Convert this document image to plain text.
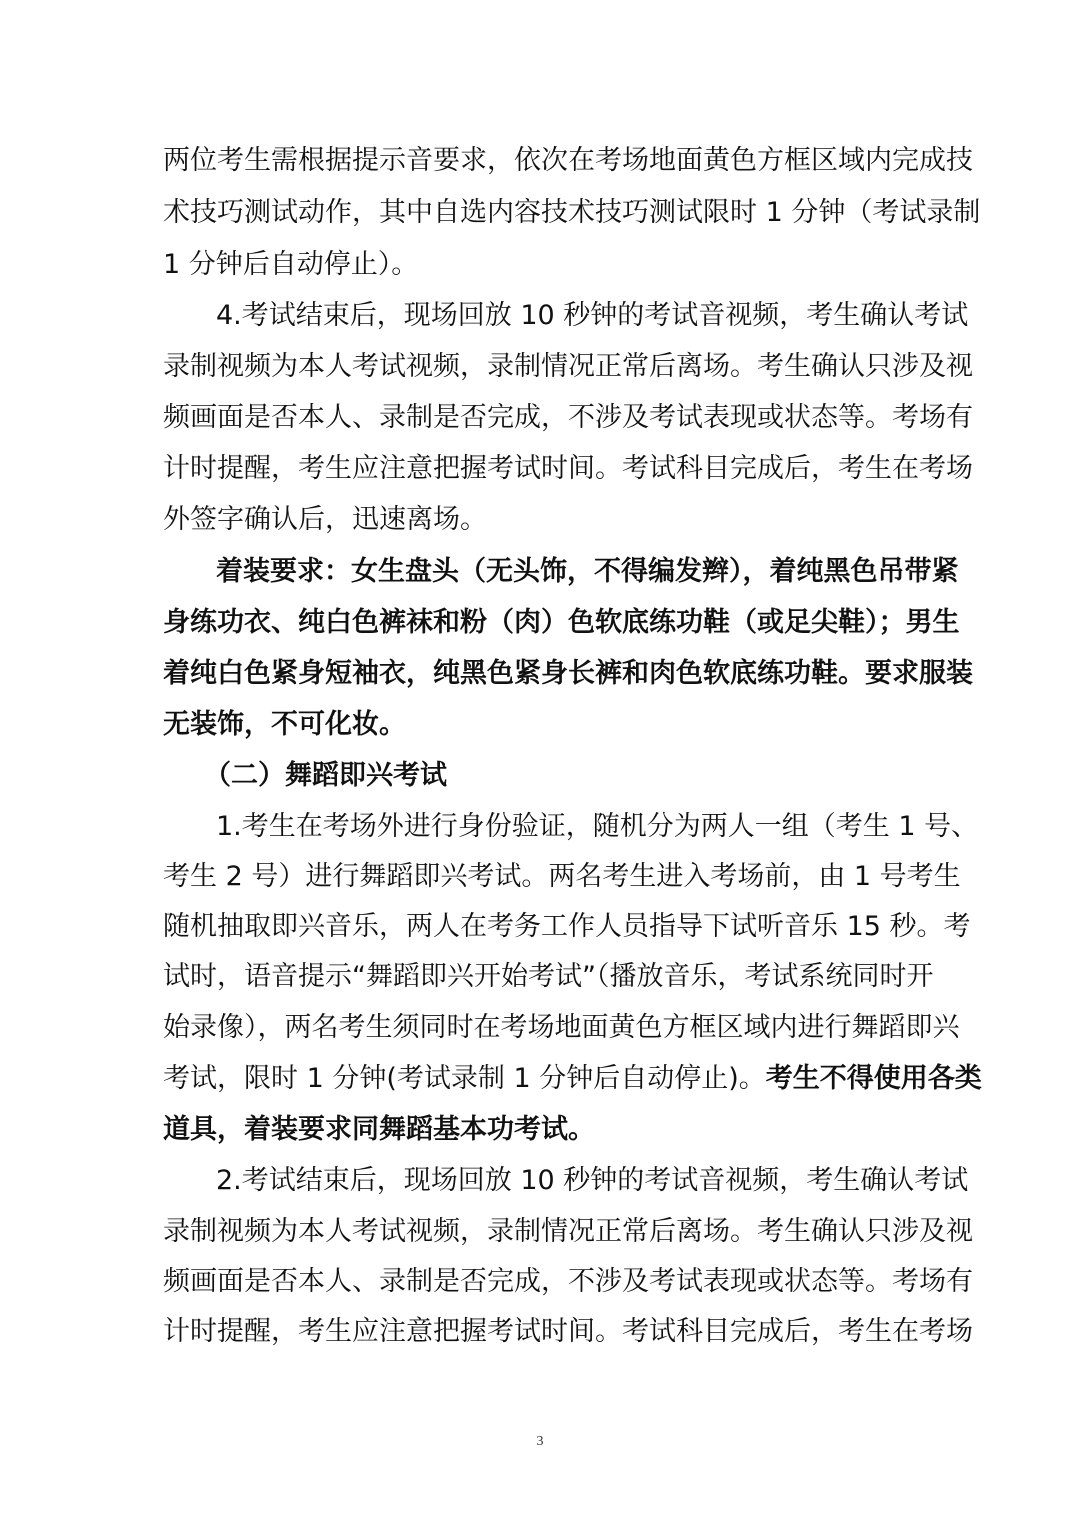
两位考生需根据提示音要求，依次在考场地面黄色方框区域内完成技
术技巧测试动作，其中自选内容技术技巧测试限时 1 分钟（考试录制
1 分钟后自动停止）。
4.考试结束后，现场回放 10 秒钟的考试音视频，考生确认考试
录制视频为本人考试视频，录制情况正常后离场。考生确认只涉及视
频画面是否本人、录制是否完成，不涉及考试表现或状态等。考场有
计时提醒，考生应注意把握考试时间。考试科目完成后，考生在考场
外签字确认后，迅速离场。
着装要求：女生盘头（无头饰，不得编发辫），着纯黑色吊带紧
身练功衣、纯白色裤袜和粉（肉）色软底练功鞋（或足尖鞋）；男生
着纯白色紧身短袖衣，纯黑色紧身长裤和肉色软底练功鞋。要求服装
无装饰，不可化妆。
（二）舞蹈即兴考试
1.考生在考场外进行身份验证，随机分为两人一组（考生 1 号、
考生 2 号）进行舞蹈即兴考试。两名考生进入考场前，由 1 号考生
随机抽取即兴音乐，两人在考务工作人员指导下试听音乐 15 秒。考
试时，语音提示“舞蹈即兴开始考试”（播放音乐，考试系统同时开
始录像），两名考生须同时在考场地面黄色方框区域内进行舞蹈即兴
考试，限时 1 分钟(考试录制 1 分钟后自动停止)。考生不得使用各类
道具，着装要求同舞蹈基本功考试。
2.考试结束后，现场回放 10 秒钟的考试音视频，考生确认考试
录制视频为本人考试视频，录制情况正常后离场。考生确认只涉及视
频画面是否本人、录制是否完成，不涉及考试表现或状态等。考场有
计时提醒，考生应注意把握考试时间。考试科目完成后，考生在考场
3
